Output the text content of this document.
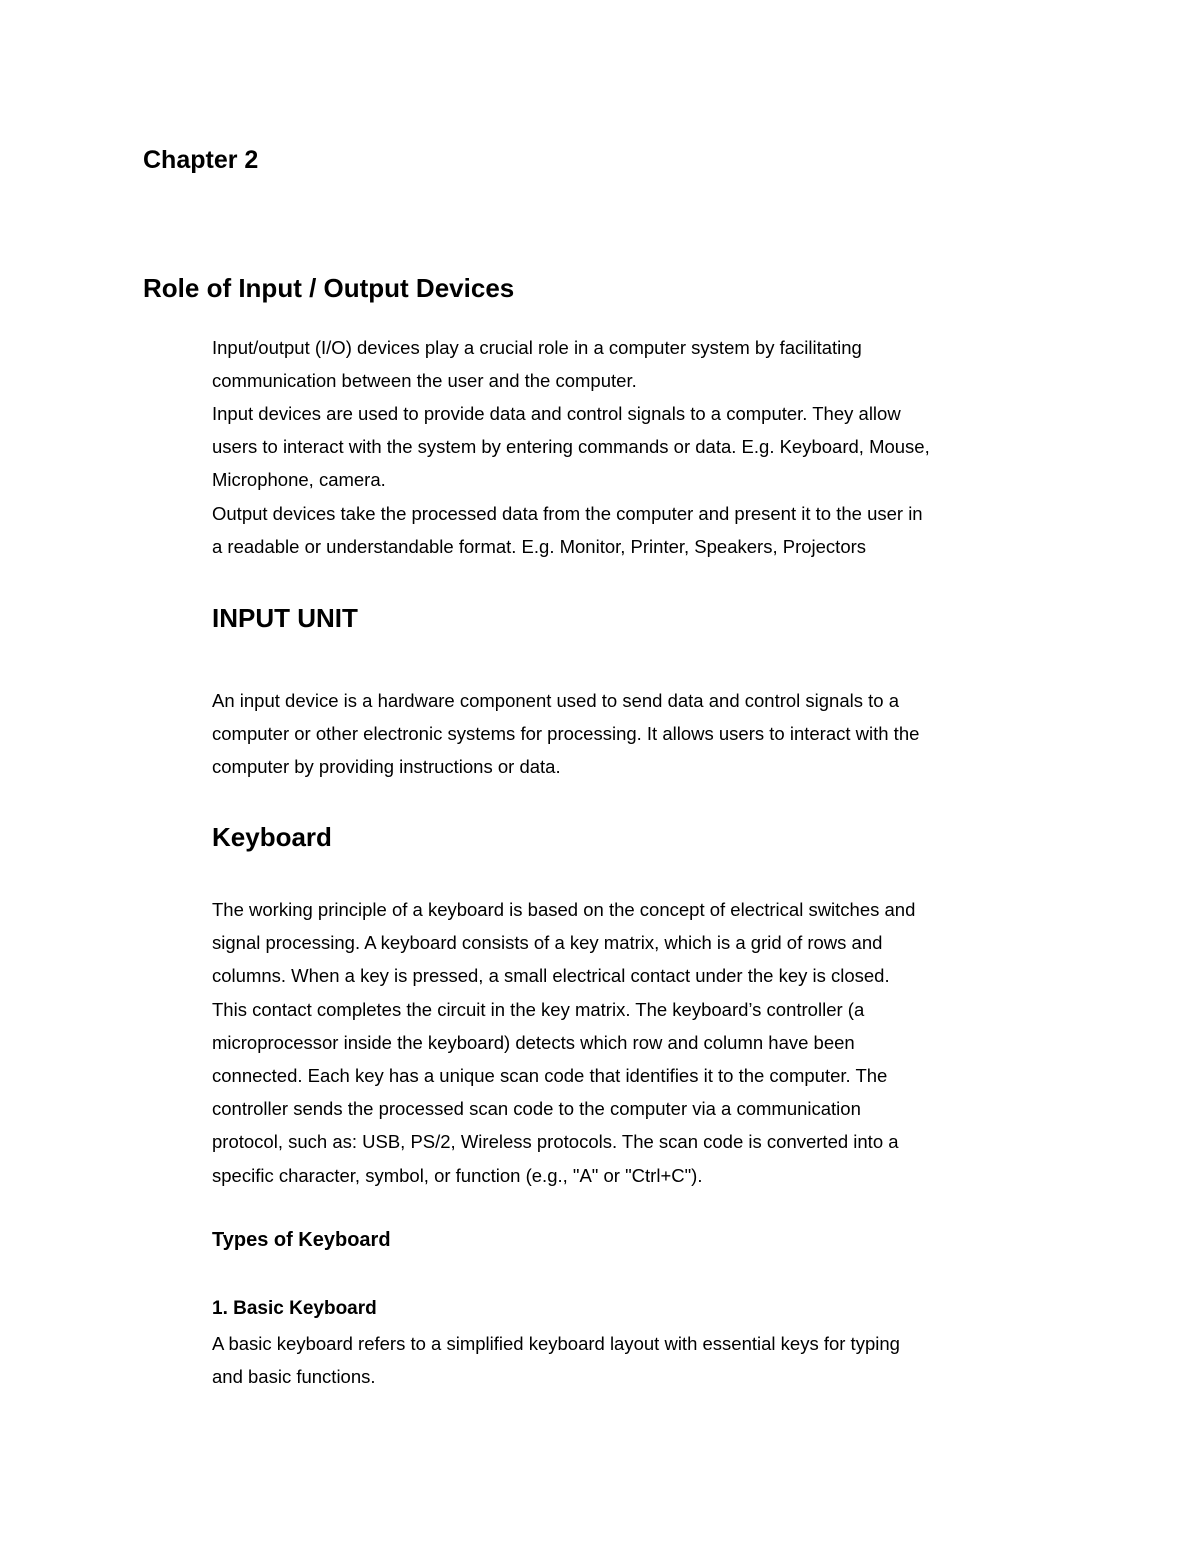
Chapter 2
Role of Input / Output Devices

Input/output (I/O) devices play a crucial role in a computer system by facilitating
communication between the user and the computer.

Input devices are used to provide data and control signals to a computer. They allow
users to interact with the system by entering commands or data. E.g. Keyboard, Mouse,
Microphone, camera.

Output devices take the processed data from the computer and present it to the user in
a readable or understandable format. E.g. Monitor, Printer, Speakers, Projectors

INPUT UNIT

An input device is a hardware component used to send data and control signals to a
computer or other electronic systems for processing. It allows users to interact with the
computer by providing instructions or data.

Keyboard

The working principle of a keyboard is based on the concept of electrical switches and
signal processing. A keyboard consists of a key matrix, which is a grid of rows and
columns. When a key is pressed, a small electrical contact under the key is closed.
This contact completes the circuit in the key matrix. The keyboard’s controller (a
microprocessor inside the keyboard) detects which row and column have been
connected. Each key has a unique scan code that identifies it to the computer. The
controller sends the processed scan code to the computer via a communication
protocol, such as: USB, PS/2, Wireless protocols. The scan code is converted into a
specific character, symbol, or function (e.g., "A" or "Ctrl+C").

Types of Keyboard
1. Basic Keyboard

A basic keyboard refers to a simplified keyboard layout with essential keys for typing
and basic functions.
